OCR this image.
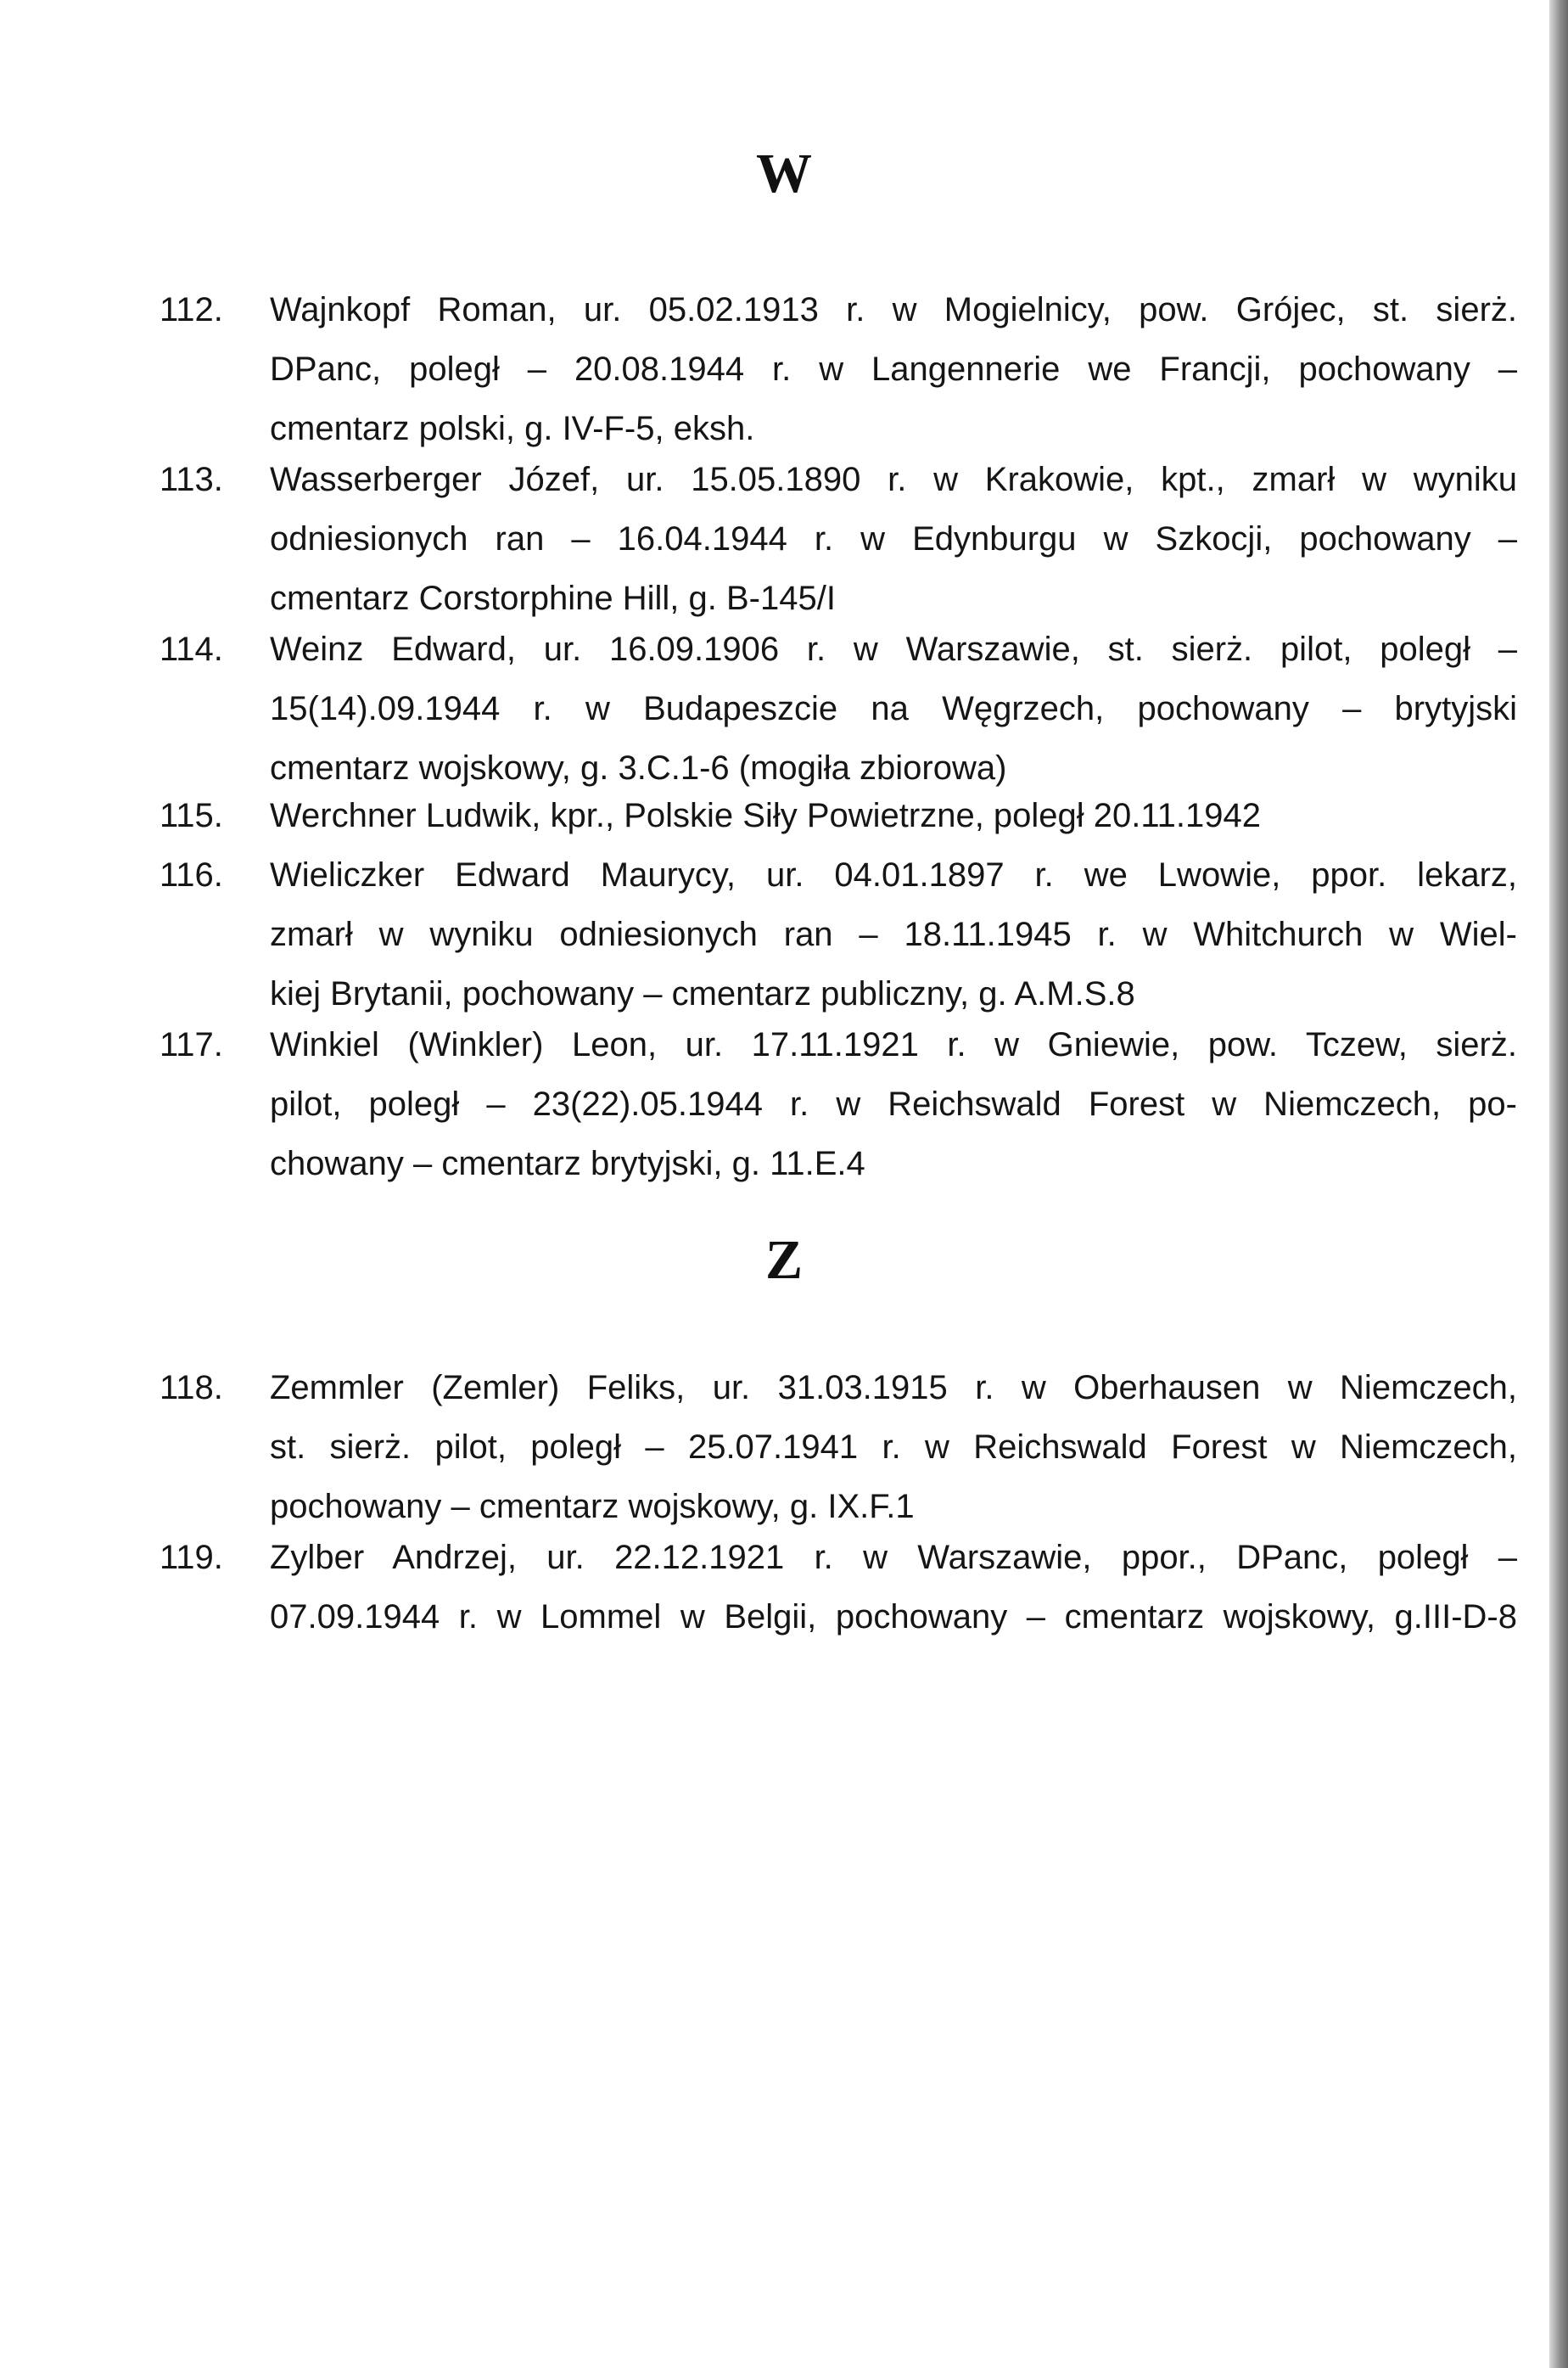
W
112. Wajnkopf Roman, ur. 05.02.1913 r. w Mogielnicy, pow. Grójec, st. sierż.
DPanc, poległ – 20.08.1944 r. w Langennerie we Francji, pochowany –
cmentarz polski, g. IV-F-5, eksh.
113. Wasserberger Józef, ur. 15.05.1890 r. w Krakowie, kpt., zmarł w wyniku
odniesionych ran – 16.04.1944 r. w Edynburgu w Szkocji, pochowany –
cmentarz Corstorphine Hill, g. B-145/I
114. Weinz Edward, ur. 16.09.1906 r. w Warszawie, st. sierż. pilot, poległ –
15(14).09.1944 r. w Budapeszcie na Węgrzech, pochowany – brytyjski
cmentarz wojskowy, g. 3.C.1-6 (mogiła zbiorowa)
115. Werchner Ludwik, kpr., Polskie Siły Powietrzne, poległ 20.11.1942
116. Wieliczker Edward Maurycy, ur. 04.01.1897 r. we Lwowie, ppor. lekarz,
zmarł w wyniku odniesionych ran – 18.11.1945 r. w Whitchurch w Wiel-
kiej Brytanii, pochowany – cmentarz publiczny, g. A.M.S.8
117. Winkiel (Winkler) Leon, ur. 17.11.1921 r. w Gniewie, pow. Tczew, sierż.
pilot, poległ – 23(22).05.1944 r. w Reichswald Forest w Niemczech, po-
chowany – cmentarz brytyjski, g. 11.E.4
Z
118. Zemmler (Zemler) Feliks, ur. 31.03.1915 r. w Oberhausen w Niemczech,
st. sierż. pilot, poległ – 25.07.1941 r. w Reichswald Forest w Niemczech,
pochowany – cmentarz wojskowy, g. IX.F.1
119. Zylber Andrzej, ur. 22.12.1921 r. w Warszawie, ppor., DPanc, poległ –
07.09.1944 r. w Lommel w Belgii, pochowany – cmentarz wojskowy, g.III-D-8
